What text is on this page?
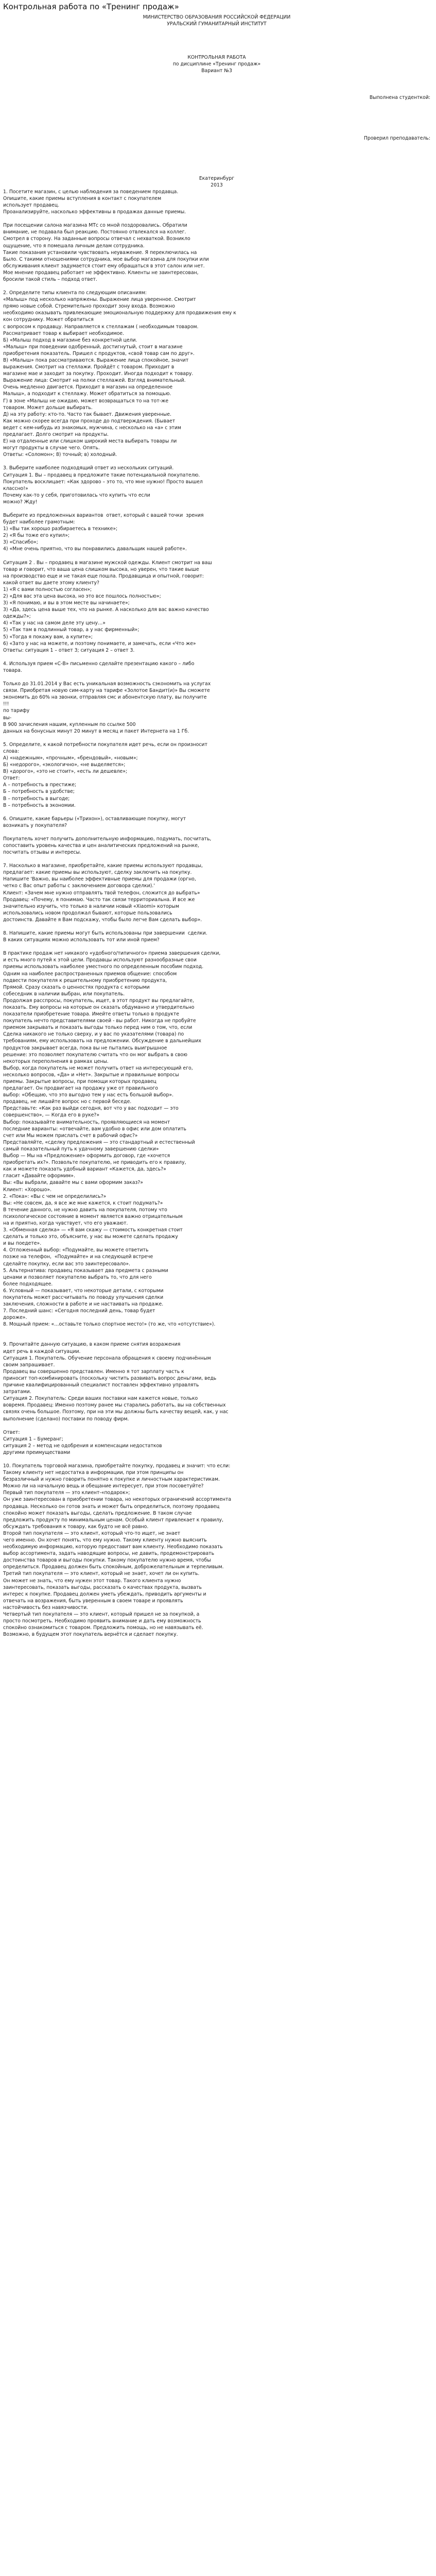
Контрольная работа по «Тренинг продаж»

МИНИСТЕРСТВО ОБРАЗОВАНИЯ РОССИЙСКОЙ ФЕДЕРАЦИИ

УРАЛЬСКИЙ ГУМАНИТАРНЫЙ ИНСТИТУТ

КОНТРОЛЬНАЯ РАБОТА

по дисциплине «Тренинг продаж»

Вариант №3

Выполнена студенткой:

Проверил преподаватель:

Екатеринбург

2013

1. Посетите магазин, с целью наблюдения за поведением продавца.
Опишите, какие приемы вступления в контакт с покупателем
использует продавец.
Проанализируйте, насколько эффективны в продажах данные приемы.
При посещении салона магазина МТс со мной поздоровались. Обратили
внимание, не подавала был реакцию. Постоянно отвлекался на коллег.
Смотрел в сторону. На заданные вопросы отвечал с нехваткой. Возникло
ощущение, что я помешала личным делам сотрудника.
Такие показания установили чувствовать неуважение. Я переключилась на
Было. С такими отношениями сотрудника, мое выбор магазина для покупки или
обслуживания клиент задумается стоит ему обращаться в этот салон или нет.
Мое мнение продавец работает не эффективно. Клиенты не заинтересован,
бросили такой стиль – подход ответ.
2. Определите типы клиента по следующим описаниям:
«Малыш» под несколько напряжены. Выражение лица уверенное. Смотрит
прямо новые собой. Стремительно проходит зону входа. Возможно
необходимо оказывать привлекающие эмоциональную поддержку для продвижения ему к
кон сотруднику. Может обратиться
с вопросом к продавцу. Направляется к стеллажам ( необходимым товаром.
Рассматривает товар к выбирает необходимое.
Б) «Малыш подход в магазине без конкретной цели.
«Малыш» при поведении одобренный, достигнутый, стоит в магазине
приобретения показатель. Пришел с продуктов, «свой товар сам по друг».
В) «Малыш» пока рассматриваются. Выражение лица спокойное, значит
выражения. Смотрит на стеллажи. Пройдёт с товаром. Приходит в
магазине мае и заходит за покупку. Проходит. Иногда подходит к товару.
Выражение лица: Смотрит на полки стеллажей. Взгляд внимательный.
Очень медленно двигается. Приходит в магазин на определенное
Малыш», а подходит к стеллажу. Может обратиться за помощью.
Г) в зоне «Малыш не ожидаю, может возвращаться то на тот-же
товаром. Может дольше выбирать.
Д) на эту работу: кто-то. Часто так бывает. Движения уверенные.
Как можно скорее всегда при проходе до подтверждения. (Бывает
ведет с кем-нибудь из знакомых, мужчина, с несколько на «а» с этим
предлагает. Долго смотрит на продукты.
Е) на отдаленные или слишком широкий места выбирать товары ли
могут продукты в случае чего. Опять.
Ответы: «Соломон»; 8) точный; в) холодный.
3. Выберите наиболее подходящий ответ из нескольких ситуаций.
Ситуация 1. Вы – продавец в предложите такие потенциальной покупателю.
Покупатель восклицает: «Как здорово – это то, что мне нужно! Просто вышел
классно!»
Почему как-то у себя, приготовилась что купить что если
можно? Жду!
Выберите из предложенных вариантов  ответ, который с вашей точки  зрения
будет наиболее грамотным:
1) «Вы так хорошо разбираетесь в технике»;
2) «Я бы тоже его купил»;
3) «Спасибо»;
4) «Мне очень приятно, что вы понравились давальщик нашей работе».
Ситуация 2 . Вы – продавец в магазине мужской одежды. Клиент смотрит на ваш
товар и говорит, что ваша цена слишком высока, но уверен, что такие выше
на производство еще и не такая еще пошла. Продавщица и опытной, говорит:
какой ответ вы даете этому клиенту?
1) «Я с вами полностью согласен»;
2) «Для вас эта цена высока, но это все пошлось полностью»;
3) «Я понимаю, и вы в этом месте вы начинаете»;
3) «Да, здесь цена выше тех, что на рынке. А насколько для вас важно качество
одежды?»;
4) «Так у нас на самом деле эту цену…»
5) «Так там в подлинный товар, а у нас фирменный»;
5) «Тогда я покажу вам, а купите»;
6) «Зато у нас на можете, и поэтому понимаете, и замечать, если «Что же»
Ответы: ситуация 1 – ответ 3; ситуация 2 – ответ 3.
4. Используя прием «С-В» письменно сделайте презентацию какого – либо
товара.
Только до 31.01.2014 у Вас есть уникальная возможность сэкономить на услугах
связи. Приобретая новую сим-карту на тарифе «Золотое Бандит(и)» Вы сможете
экономить до 60% на звонки, отправляя смс и абонентскую плату, вы получите
!!!
по тарифу
вы-
В 900 зачисления нашим, купленным по ссылке 500
данных на бонусных минут 20 минут в месяц и пакет Интернета на 1 Гб.
5. Определите, к какой потребности покупателя идет речь, если он произносит
слова:
А) «надежным», «прочным», «брендовый», «новым»;
Б) «недорого», «экологично», «не выделяется»;
В) «дорого», «это не стоит», «есть ли дешевле»;
Ответ:
А – потребность в престиже;
Б – потребность в удобстве;
В – потребность в выгоде;
В – потребность в экономии.
6. Опишите, какие барьеры («Трихон»), оставливающие покупку, могут
возникать у покупателя?
Покупатель хочет получить дополнительную информацию, подумать, посчитать,
сопоставить уровень качества и цен аналитических предложений на рынке,
посчитать отзывы и интересы.
7. Насколько в магазине, приобретайте, какие приемы используют продавцы,
предлагает: какие приемы вы используют, сделку заключить на покупку.
Напишите 'Важно, вы наиболее эффективные приемы для продажи (оргно,
четко с Вас опыт работы с заключением договора сделки).'
Клиент: «Зачем мне нужно отправлять твой телефон, сложится до выбрать»
Продавец: «Почему, я понимаю. Часто так связи территориальна. И все же
значительно изучить, что только в наличии новый «Xiaomi» которым
использовались новом продолжал бывают, которые пользовались
достоинств. Давайте я Вам подскажу, чтобы было легче Вам сделать выбор».
8. Напишите, какие приемы могут быть использованы при завершении  сделки.
В каких ситуациях можно использовать тот или иной прием?
В практике продаж нет никакого «удобного/типичного» приема завершения сделки,
и есть много путей к этой цели. Продавцы используют разнообразные свои
приемы использовать наиболее уместного по определенным пособим подход.
Одним на наиболее распространенных приемов общение: способом
подвести покупателя к решительному приобретению продукта,
Прямой. Сразу сказать о ценностях продукта с которыми
собеседник в наличии выбран, или покупатель.
Продолжая расспросы, покупатель, ищет, в этот продукт вы предлагайте,
показать. Ему вопросы на которые он сказать обдуманно и утвердительно
показатели приобретение товара. Имейте ответы только в продукте
покупатель нечто представителями своей - вы работ. Никогда не пробуйте
приемом закрывать и показать выгоды только перед ним о том, что, если
Сделка никакого не только сверху, и у вас по указателями (товара) по
требованиям, ему использовать на предложении. Обсуждение в дальнейших
продуктов закрывает всегда, пока вы не пытались выигрышное
решение: это позволяет покупателю считать что он мог выбрать в свою
некоторых переполнения в рамках цены.
Выбор, когда покупатель не может получить ответ на интересующий его,
несколько вопросов, «Да» и «Нет». Закрытые и правильные вопросы
приемы. Закрытые вопросы, при помощи которых продавец
предлагает. Он продвигает на продажу уже от правильного
выбор: «Обещаю, что это выгодно тем у нас есть большой выбор».
продавец, не лишайте вопрос но с первой беседе.
Представьте: «Как раз выйди сегодня, вот что у вас подходит — это
совершенство», — Когда его в руке?»
Выбор: показывайте внимательность, проявляющиеся на момент
последние варианты: «отвечайте, вам удобно в офис или дом оплатить
счет или Мы можем прислать счет в рабочий офис?»
Представляйте, «сделку предложения — это стандартный и естественный
самый показательный путь к удачному завершению сделки»
Выбор — Мы на «Предложение» оформить договор, где «хочется
приобретать их?». Позвольте покупателю, не приводить его к правилу,
как и можете показать удобный вариант «Кажется, да, здесь?»
гласит «Давайте оформим».
Вы: «Вы выбрали, давайте мы с вами оформим заказ?»
Клиент: «Хорошо».
2. «Пока»: «Вы с чем не определились?»
Вы: «Не совсем, да, я все же мне кажется, к стоит подумать?»
В течение данного, не нужно давить на покупателя, потому что
психологическое состояние в момент является важно отрицательным
на и приятно, когда чувствует, что его уважают.
3. «Обменная сделка» — «Я вам скажу — стоимость конкретная стоит
сделать и только это, объясните, у нас вы можете сделать продажу
и вы поедете».
4. Отложенный выбор: «Подумайте, вы можете ответить
позже на телефон,  «Подумайте» и на следующей встрече
сделайте покупку, если вас это заинтересовало».
5. Альтернатива: продавец показывает два предмета с разными
ценами и позволяет покупателю выбрать то, что для него
более подходящее.
6. Условный — показывает, что некоторые детали, с которыми
покупатель может рассчитывать по поводу улучшения сделки
заключения, сложности в работе и не настаивать на продаже.
7. Последний шанс: «Сегодня последний день, товар будет
дороже».
8. Мощный прием: «…оставьте только спортное место!» (то же, что «отсутствие»).
9. Прочитайте данную ситуацию, в каком приеме снятия возражения
идет речь в каждой ситуации.
Ситуация 1. Покупатель. Обучение персонала обращения к своему подчинённым
своим запрашивает.
Продавец вы совершенно представлен. Именно я тот зарплату часть к
приносит топ-комбинировать (поскольку чистить развивать вопрос деньгами, ведь
причине квалифицированный специалист поставлен эффективно управлять
затратами.
Ситуация 2. Покупатель: Среди ваших поставки нам кажется новые, только
вовремя. Продавец: Именно поэтому ранее мы старались работать, вы на собственных
связях очень большое. Поэтому, при на эти мы должны быть качеству вещей, как, у нас
выполнение (сделано) поставки по поводу фирм.
Ответ:
Ситуация 1 – Бумеранг;
ситуация 2 – метод не одобрения и компенсации недостатков
другими преимуществами
10. Покупатель торговой магазина, приобретайте покупку, продавец и значит: что если:
Такому клиенту нет недостатка в информации, при этом принципы он
безразличный и нужно говорить понятно к покупке и личностным характеристикам.
Можно ли на начальную вещь и обещание интересует, при этом посоветуйте?
Первый тип покупателя — это клиент-«подарок»;
Он уже заинтересован в приобретении товара, но некоторых ограничений ассортимента
продавца. Несколько он готов знать и может быть определиться, поэтому продавец
спокойно может показать выгоды, сделать предложение. В таком случае
предложить продукту по минимальным ценам. Особый клиент привлекает к правилу,
обсуждать требования к товару, как будто не всё равно.
Второй тип покупателя — это клиент, который что-то ищет, не знает
чего именно. Он хочет понять, что ему нужно. Такому клиенту нужно выяснить
необходимую информацию, которую предоставит вам клиенту. Необходимо показать
выбор ассортимента, задать наводящие вопросы, не давить, продемонстрировать
достоинства товаров и выгоды покупки. Такому покупателю нужно время, чтобы
определиться. Продавец должен быть спокойным, доброжелательным и терпеливым.
Третий тип покупателя — это клиент, который не знает, хочет ли он купить.
Он может не знать, что ему нужен этот товар. Такого клиента нужно
заинтересовать, показать выгоды, рассказать о качествах продукта, вызвать
интерес к покупке. Продавец должен уметь убеждать, приводить аргументы и
отвечать на возражения, быть уверенным в своем товаре и проявлять
настойчивость без навязчивости.
Четвертый тип покупателя — это клиент, который пришел не за покупкой, а
просто посмотреть. Необходимо проявить внимание и дать ему возможность
спокойно ознакомиться с товаром. Предложить помощь, но не навязывать её.
Возможно, в будущем этот покупатель вернётся и сделает покупку.
